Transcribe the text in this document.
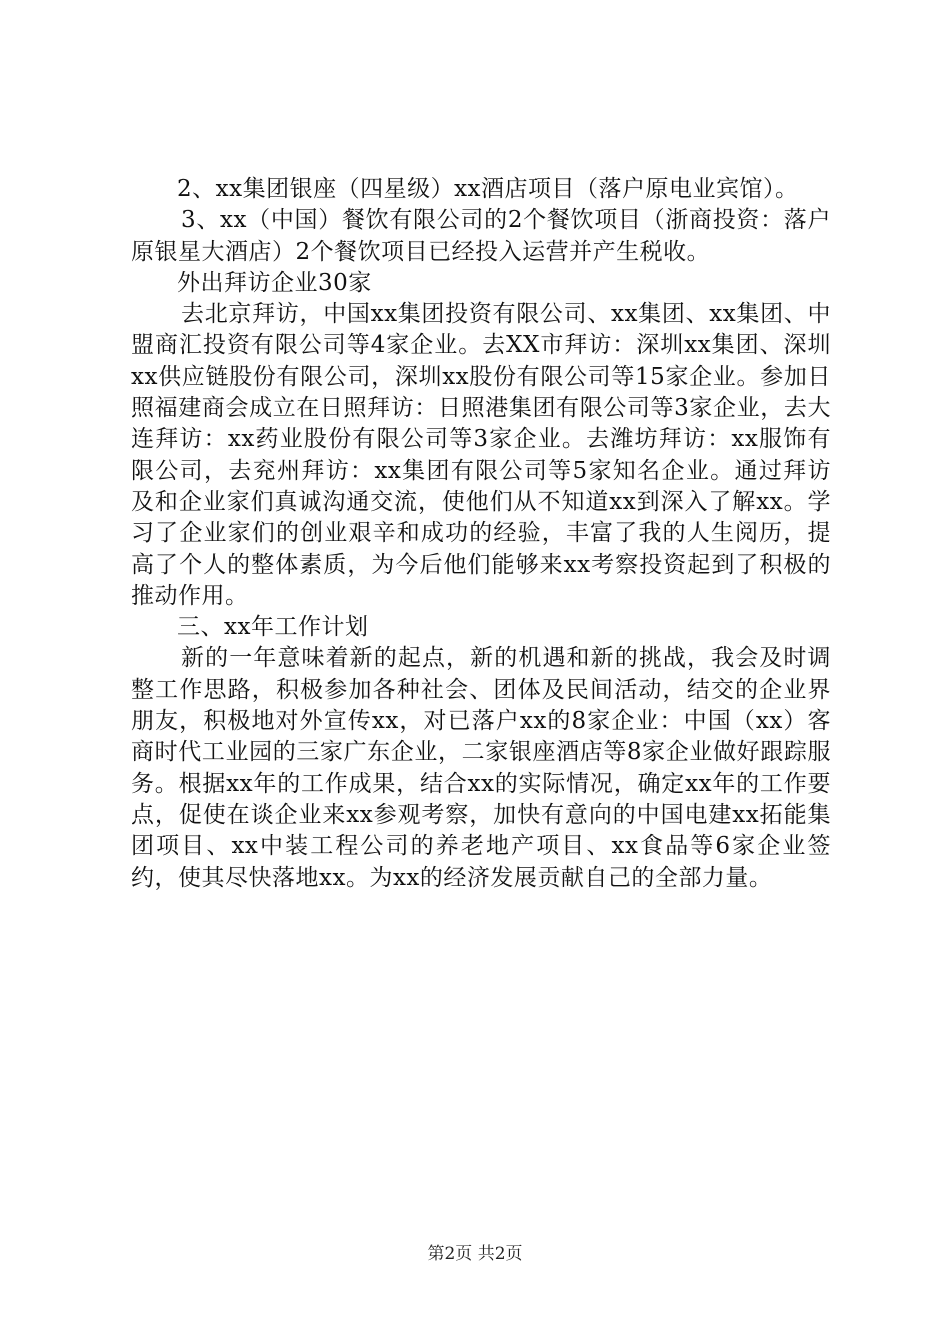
2、xx集团银座（四星级）xx酒店项目（落户原电业宾馆）。

3、xx（中国）餐饮有限公司的2个餐饮项目（浙商投资：落户原银星大酒店）2个餐饮项目已经投入运营并产生税收。

外出拜访企业30家

去北京拜访，中国xx集团投资有限公司、xx集团、xx集团、中盟商汇投资有限公司等4家企业。去XX市拜访：深圳xx集团、深圳xx供应链股份有限公司，深圳xx股份有限公司等15家企业。参加日照福建商会成立在日照拜访：日照港集团有限公司等3家企业，去大连拜访：xx药业股份有限公司等3家企业。去潍坊拜访：xx服饰有限公司，去兖州拜访：xx集团有限公司等5家知名企业。通过拜访及和企业家们真诚沟通交流，使他们从不知道xx到深入了解xx。学习了企业家们的创业艰辛和成功的经验，丰富了我的人生阅历，提高了个人的整体素质，为今后他们能够来xx考察投资起到了积极的推动作用。

三、xx年工作计划

新的一年意味着新的起点，新的机遇和新的挑战，我会及时调整工作思路，积极参加各种社会、团体及民间活动，结交的企业界朋友，积极地对外宣传xx，对已落户xx的8家企业：中国（xx）客商时代工业园的三家广东企业，二家银座酒店等8家企业做好跟踪服务。根据xx年的工作成果，结合xx的实际情况，确定xx年的工作要点，促使在谈企业来xx参观考察，加快有意向的中国电建xx拓能集团项目、xx中装工程公司的养老地产项目、xx食品等6家企业签约，使其尽快落地xx。为xx的经济发展贡献自己的全部力量。

第2页 共2页
